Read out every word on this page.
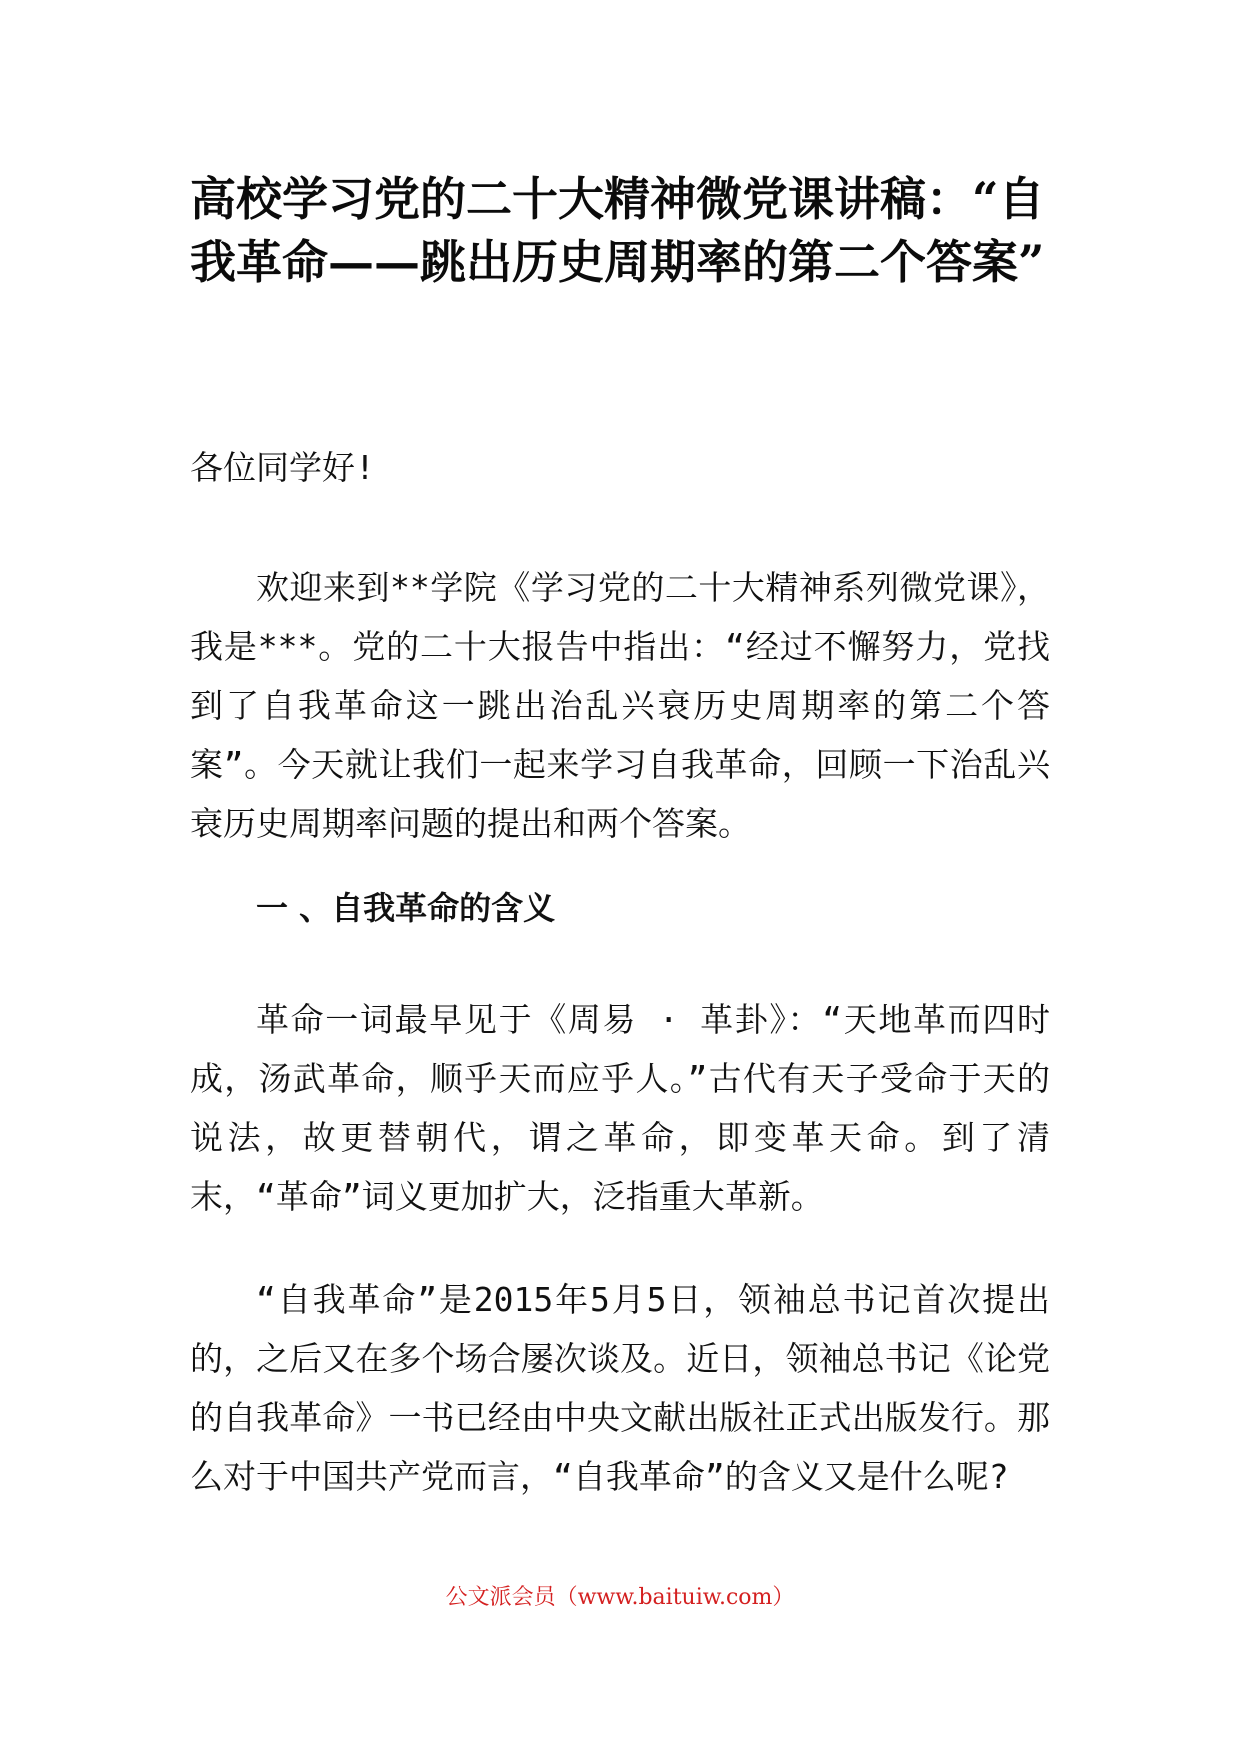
高校学习党的二十大精神微党课讲稿：“自我革命——跳出历史周期率的第二个答案”

各位同学好!

欢迎来到**学院《学习党的二十大精神系列微党课》，我是***。党的二十大报告中指出：“经过不懈努力，党找到了自我革命这一跳出治乱兴衰历史周期率的第二个答案”。今天就让我们一起来学习自我革命，回顾一下治乱兴衰历史周期率问题的提出和两个答案。

一 、自我革命的含义

革命一词最早见于《周易 · 革卦》：“天地革而四时成，汤武革命，顺乎天而应乎人。”古代有天子受命于天的说法，故更替朝代，谓之革命，即变革天命。到了清末，“革命”词义更加扩大，泛指重大革新。

“自我革命”是2015年5月5日，领袖总书记首次提出的，之后又在多个场合屡次谈及。近日，领袖总书记《论党的自我革命》一书已经由中央文献出版社正式出版发行。那么对于中国共产党而言，“自我革命”的含义又是什么呢?

公文派会员（www.baituiw.com）
